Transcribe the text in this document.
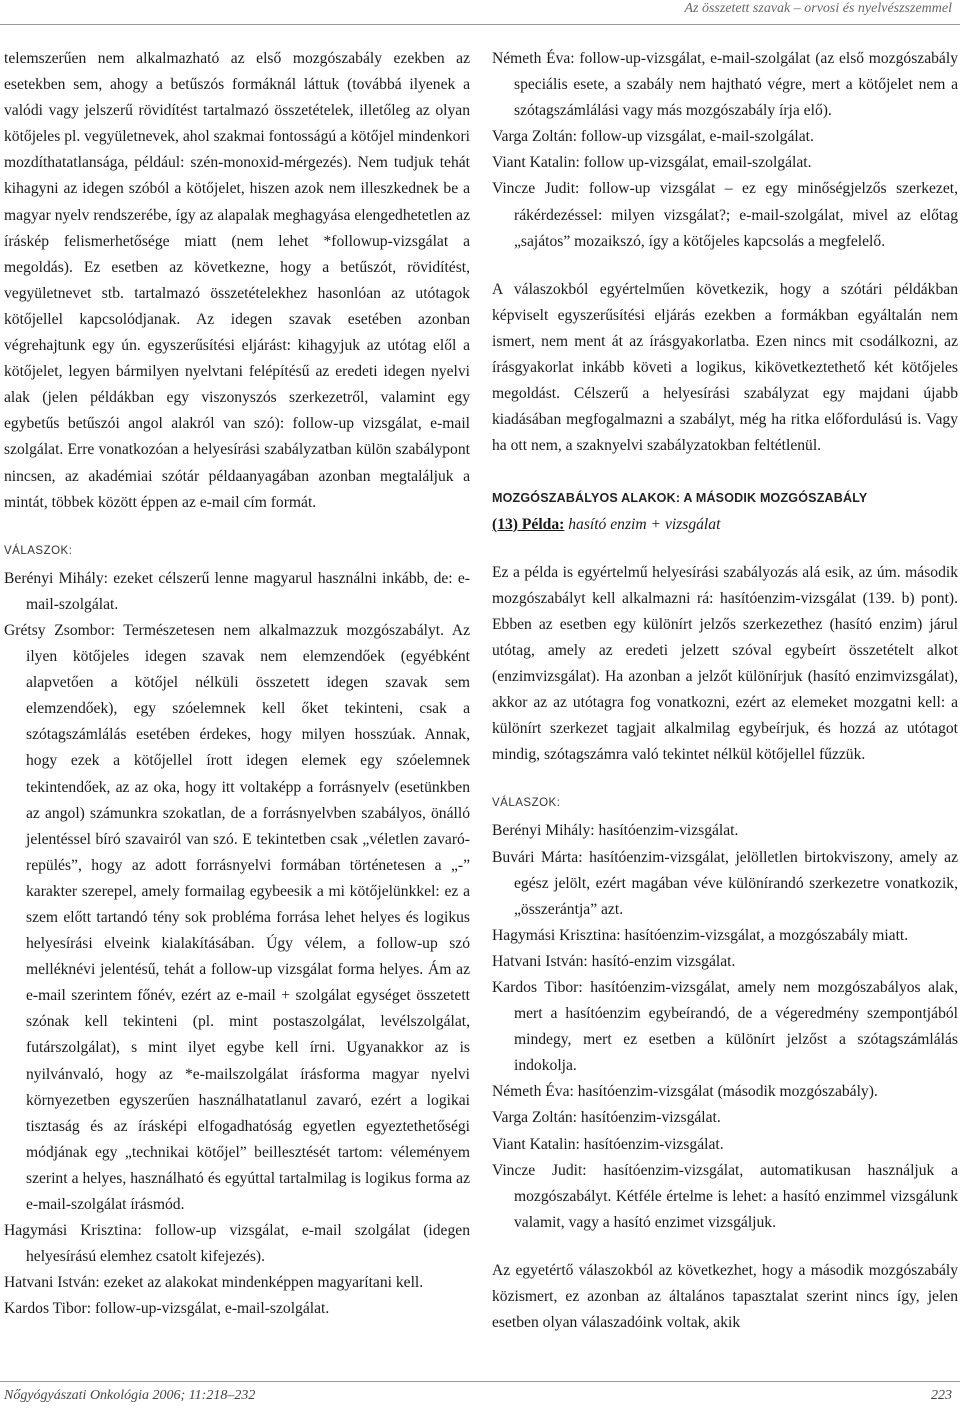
Az összetett szavak – orvosi és nyelvészszemmel

telemszerűen nem alkalmazható az első mozgószabály ezekben az esetekben sem, ahogy a betűszós formáknál láttuk (továbbá ilyenek a valódi vagy jelszerű rövidítést tartalmazó összetételek, illetőleg az olyan kötőjeles pl. vegyületnevek, ahol szakmai fontosságú a kötőjel mindenkori mozdíthatatlansága, például: szén-monoxid-mérgezés). Nem tudjuk tehát kihagyni az idegen szóból a kötőjelet, hiszen azok nem illeszkednek be a magyar nyelv rendszerébe, így az alapalak meghagyása elengedhetetlen az íráskép felismerhetősége miatt (nem lehet *followup-vizsgálat a megoldás). Ez esetben az következne, hogy a betűszót, rövidítést, vegyületnevet stb. tartalmazó összetételekhez hasonlóan az utótagok kötőjellel kapcsolódjanak. Az idegen szavak esetében azonban végrehajtunk egy ún. egyszerűsítési eljárást: kihagyjuk az utótag elől a kötőjelet, legyen bármilyen nyelvtani felépítésű az eredeti idegen nyelvi alak (jelen példákban egy viszonyszós szerkezetről, valamint egy egybetűs betűszói angol alakról van szó): follow-up vizsgálat, e-mail szolgálat. Erre vonatkozóan a helyesírási szabályzatban külön szabálypont nincsen, az akadémiai szótár példaanyagában azonban megtaláljuk a mintát, többek között éppen az e-mail cím formát.

VÁLASZOK:

Berényi Mihály: ezeket célszerű lenne magyarul használni inkább, de: e-mail-szolgálat.

Grétsy Zsombor: Természetesen nem alkalmazzuk mozgószabályt. Az ilyen kötőjeles idegen szavak nem elemzendőek (egyébként alapvetően a kötőjel nélküli összetett idegen szavak sem elemzendőek), egy szóelemnek kell őket tekinteni, csak a szótagszámlálás esetében érdekes, hogy milyen hosszúak. Annak, hogy ezek a kötőjellel írott idegen elemek egy szóelemnek tekintendőek, az az oka, hogy itt voltaképp a forrásnyelv (esetünkben az angol) számunkra szokatlan, de a forrásnyelvben szabályos, önálló jelentéssel bíró szavairól van szó. E tekintetben csak „véletlen zavaró- repülés”, hogy az adott forrásnyelvi formában történetesen a „-” karakter szerepel, amely formailag egybeesik a mi kötőjelünkkel: ez a szem előtt tartandó tény sok probléma forrása lehet helyes és logikus helyesírási elveink kialakításában. Úgy vélem, a follow-up szó melléknévi jelentésű, tehát a follow-up vizsgálat forma helyes. Ám az e-mail szerintem főnév, ezért az e-mail + szolgálat egységet összetett szónak kell tekinteni (pl. mint postaszolgálat, levélszolgálat, futárszolgálat), s mint ilyet egybe kell írni. Ugyanakkor az is nyilvánvaló, hogy az *e-mailszolgálat írásforma magyar nyelvi környezetben egyszerűen használhatatlanul zavaró, ezért a logikai tisztaság és az írásképi elfogadhatóság egyetlen egyeztethetőségi módjának egy „technikai kötőjel” beillesztését tartom: véleményem szerint a helyes, használható és egyúttal tartalmilag is logikus forma az e-mail-szolgálat írásmód.

Hagymási Krisztina: follow-up vizsgálat, e-mail szolgálat (idegen helyesírású elemhez csatolt kifejezés).

Hatvani István: ezeket az alakokat mindenképpen magyarítani kell.

Kardos Tibor: follow-up-vizsgálat, e-mail-szolgálat.

Németh Éva: follow-up-vizsgálat, e-mail-szolgálat (az első mozgószabály speciális esete, a szabály nem hajtható végre, mert a kötőjelet nem a szótagszámlálási vagy más mozgószabály írja elő).

Varga Zoltán: follow-up vizsgálat, e-mail-szolgálat.

Viant Katalin: follow up-vizsgálat, email-szolgálat.

Vincze Judit: follow-up vizsgálat – ez egy minőségjelzős szerkezet, rákérdezéssel: milyen vizsgálat?; e-mail-szolgálat, mivel az előtag „sajátos” mozaikszó, így a kötőjeles kapcsolás a megfelelő.

A válaszokból egyértelműen következik, hogy a szótári példákban képviselt egyszerűsítési eljárás ezekben a formákban egyáltalán nem ismert, nem ment át az írásgyakorlatba. Ezen nincs mit csodálkozni, az írásgyakorlat inkább követi a logikus, kikövetkeztethető két kötőjeles megoldást. Célszerű a helyesírási szabályzat egy majdani újabb kiadásában megfogalmazni a szabályt, még ha ritka előfordulású is. Vagy ha ott nem, a szaknyelvi szabályzatokban feltétlenül.

MOZGÓSZABÁLYOS ALAKOK: A MÁSODIK MOZGÓSZABÁLY

(13) Példa: hasító enzim + vizsgálat

Ez a példa is egyértelmű helyesírási szabályozás alá esik, az úm. második mozgószabályt kell alkalmazni rá: hasítóenzim-vizsgálat (139. b) pont). Ebben az esetben egy különírt jelzős szerkezethez (hasító enzim) járul utótag, amely az eredeti jelzett szóval egybeírt összetételt alkot (enzimvizsgálat). Ha azonban a jelzőt különírjuk (hasító enzimvizsgálat), akkor az az utótagra fog vonatkozni, ezért az elemeket mozgatni kell: a különírt szerkezet tagjait alkalmilag egybeírjuk, és hozzá az utótagot mindig, szótagszámra való tekintet nélkül kötőjellel fűzzük.

VÁLASZOK:

Berényi Mihály: hasítóenzim-vizsgálat.

Buvári Márta: hasítóenzim-vizsgálat, jelölletlen birtokviszony, amely az egész jelölt, ezért magában véve különírandó szerkezetre vonatkozik, „összerántja” azt.

Hagymási Krisztina: hasítóenzim-vizsgálat, a mozgószabály miatt.

Hatvani István: hasító-enzim vizsgálat.

Kardos Tibor: hasítóenzim-vizsgálat, amely nem mozgószabályos alak, mert a hasítóenzim egybeírandó, de a végeredmény szempontjából mindegy, mert ez esetben a különírt jelzőst a szótagszámlálás indokolja.

Németh Éva: hasítóenzim-vizsgálat (második mozgószabály).

Varga Zoltán: hasítóenzim-vizsgálat.

Viant Katalin: hasítóenzim-vizsgálat.

Vincze Judit: hasítóenzim-vizsgálat, automatikusan használjuk a mozgószabályt. Kétféle értelme is lehet: a hasító enzimmel vizsgálunk valamit, vagy a hasító enzimet vizsgáljuk.

Az egyetértő válaszokból az következhet, hogy a második mozgószabály közismert, ez azonban az általános tapasztalat szerint nincs így, jelen esetben olyan válaszadóink voltak, akik

Nőgyógyászati Onkológia 2006; 11:218–232	223
